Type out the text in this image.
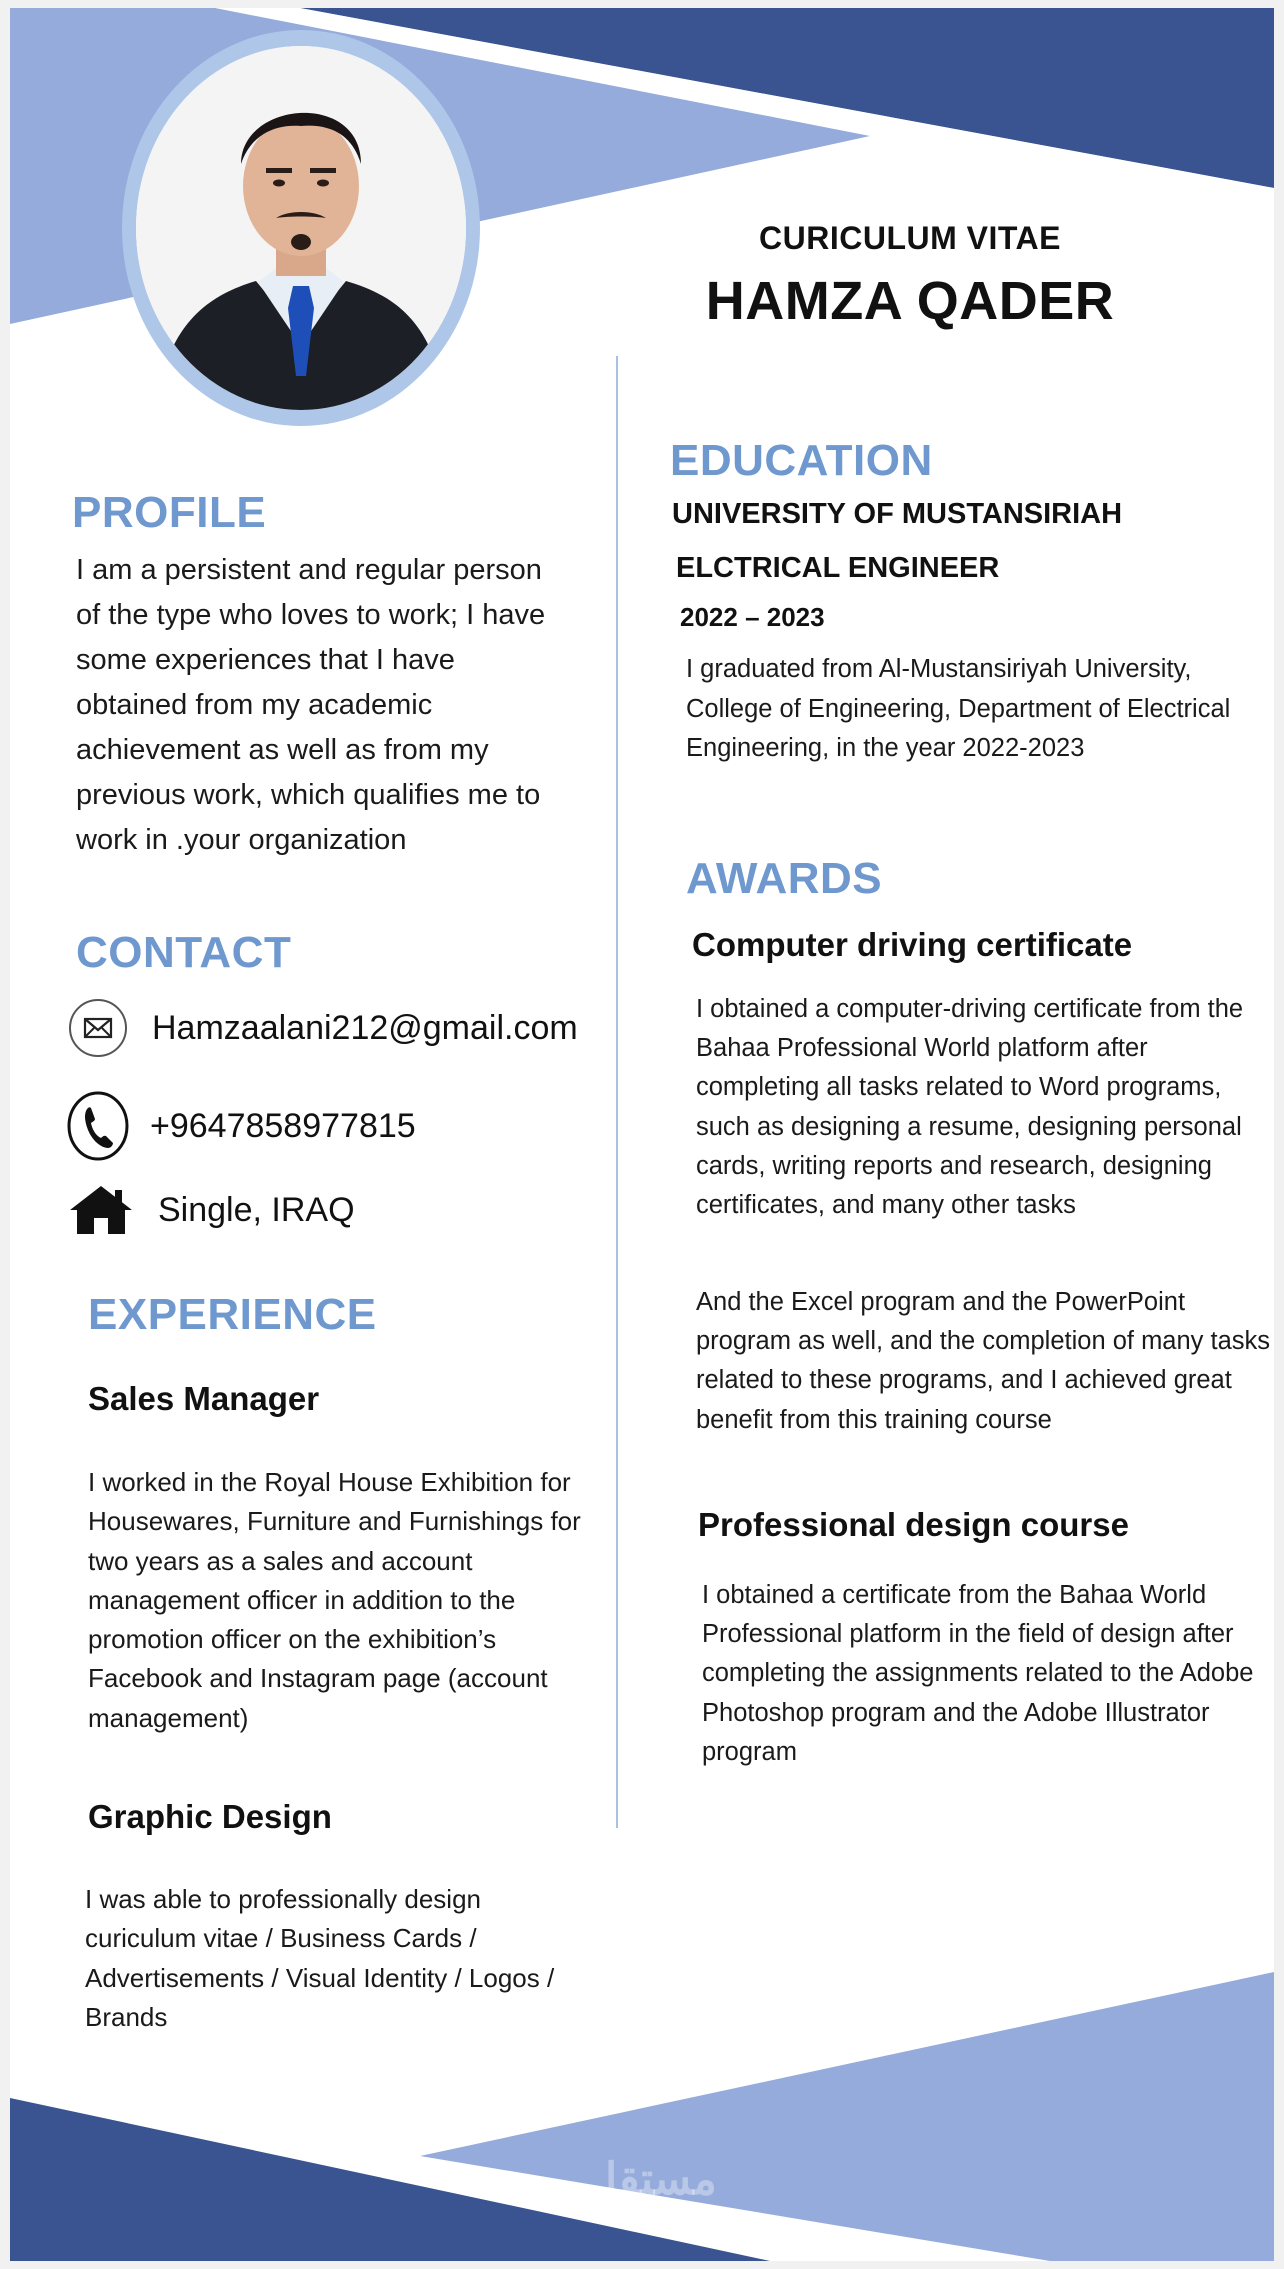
CURICULUM VITAE
HAMZA QADER
PROFILE
I am a persistent and regular person of the type who loves to work; I have some experiences that I have obtained from my academic achievement as well as from my previous work, which qualifies me to work in .your organization
CONTACT
Hamzaalani212@gmail.com
+9647858977815
Single, IRAQ
EXPERIENCE
Sales Manager
I worked in the Royal House Exhibition for Housewares, Furniture and Furnishings for two years as a sales and account management officer in addition to the promotion officer on the exhibition’s Facebook and Instagram page (account management)
Graphic Design
I was able to professionally design curiculum vitae / Business Cards / Advertisements / Visual Identity / Logos / Brands
EDUCATION
UNIVERSITY OF MUSTANSIRIAH
ELCTRICAL ENGINEER
2022 – 2023
I graduated from Al-Mustansiriyah University, College of Engineering, Department of Electrical Engineering, in the year 2022-2023
AWARDS
Computer driving certificate
I obtained a computer-driving certificate from the Bahaa Professional World platform after completing all tasks related to Word programs, such as designing a resume, designing personal cards, writing reports and research, designing certificates, and many other tasks
And the Excel program and the PowerPoint program as well, and the completion of many tasks related to these programs, and I achieved great benefit from this training course
Professional design course
I obtained a certificate from the Bahaa World Professional platform in the field of design after completing the assignments related to the Adobe Photoshop program and the Adobe Illustrator program
مستقل
mostaql.com
